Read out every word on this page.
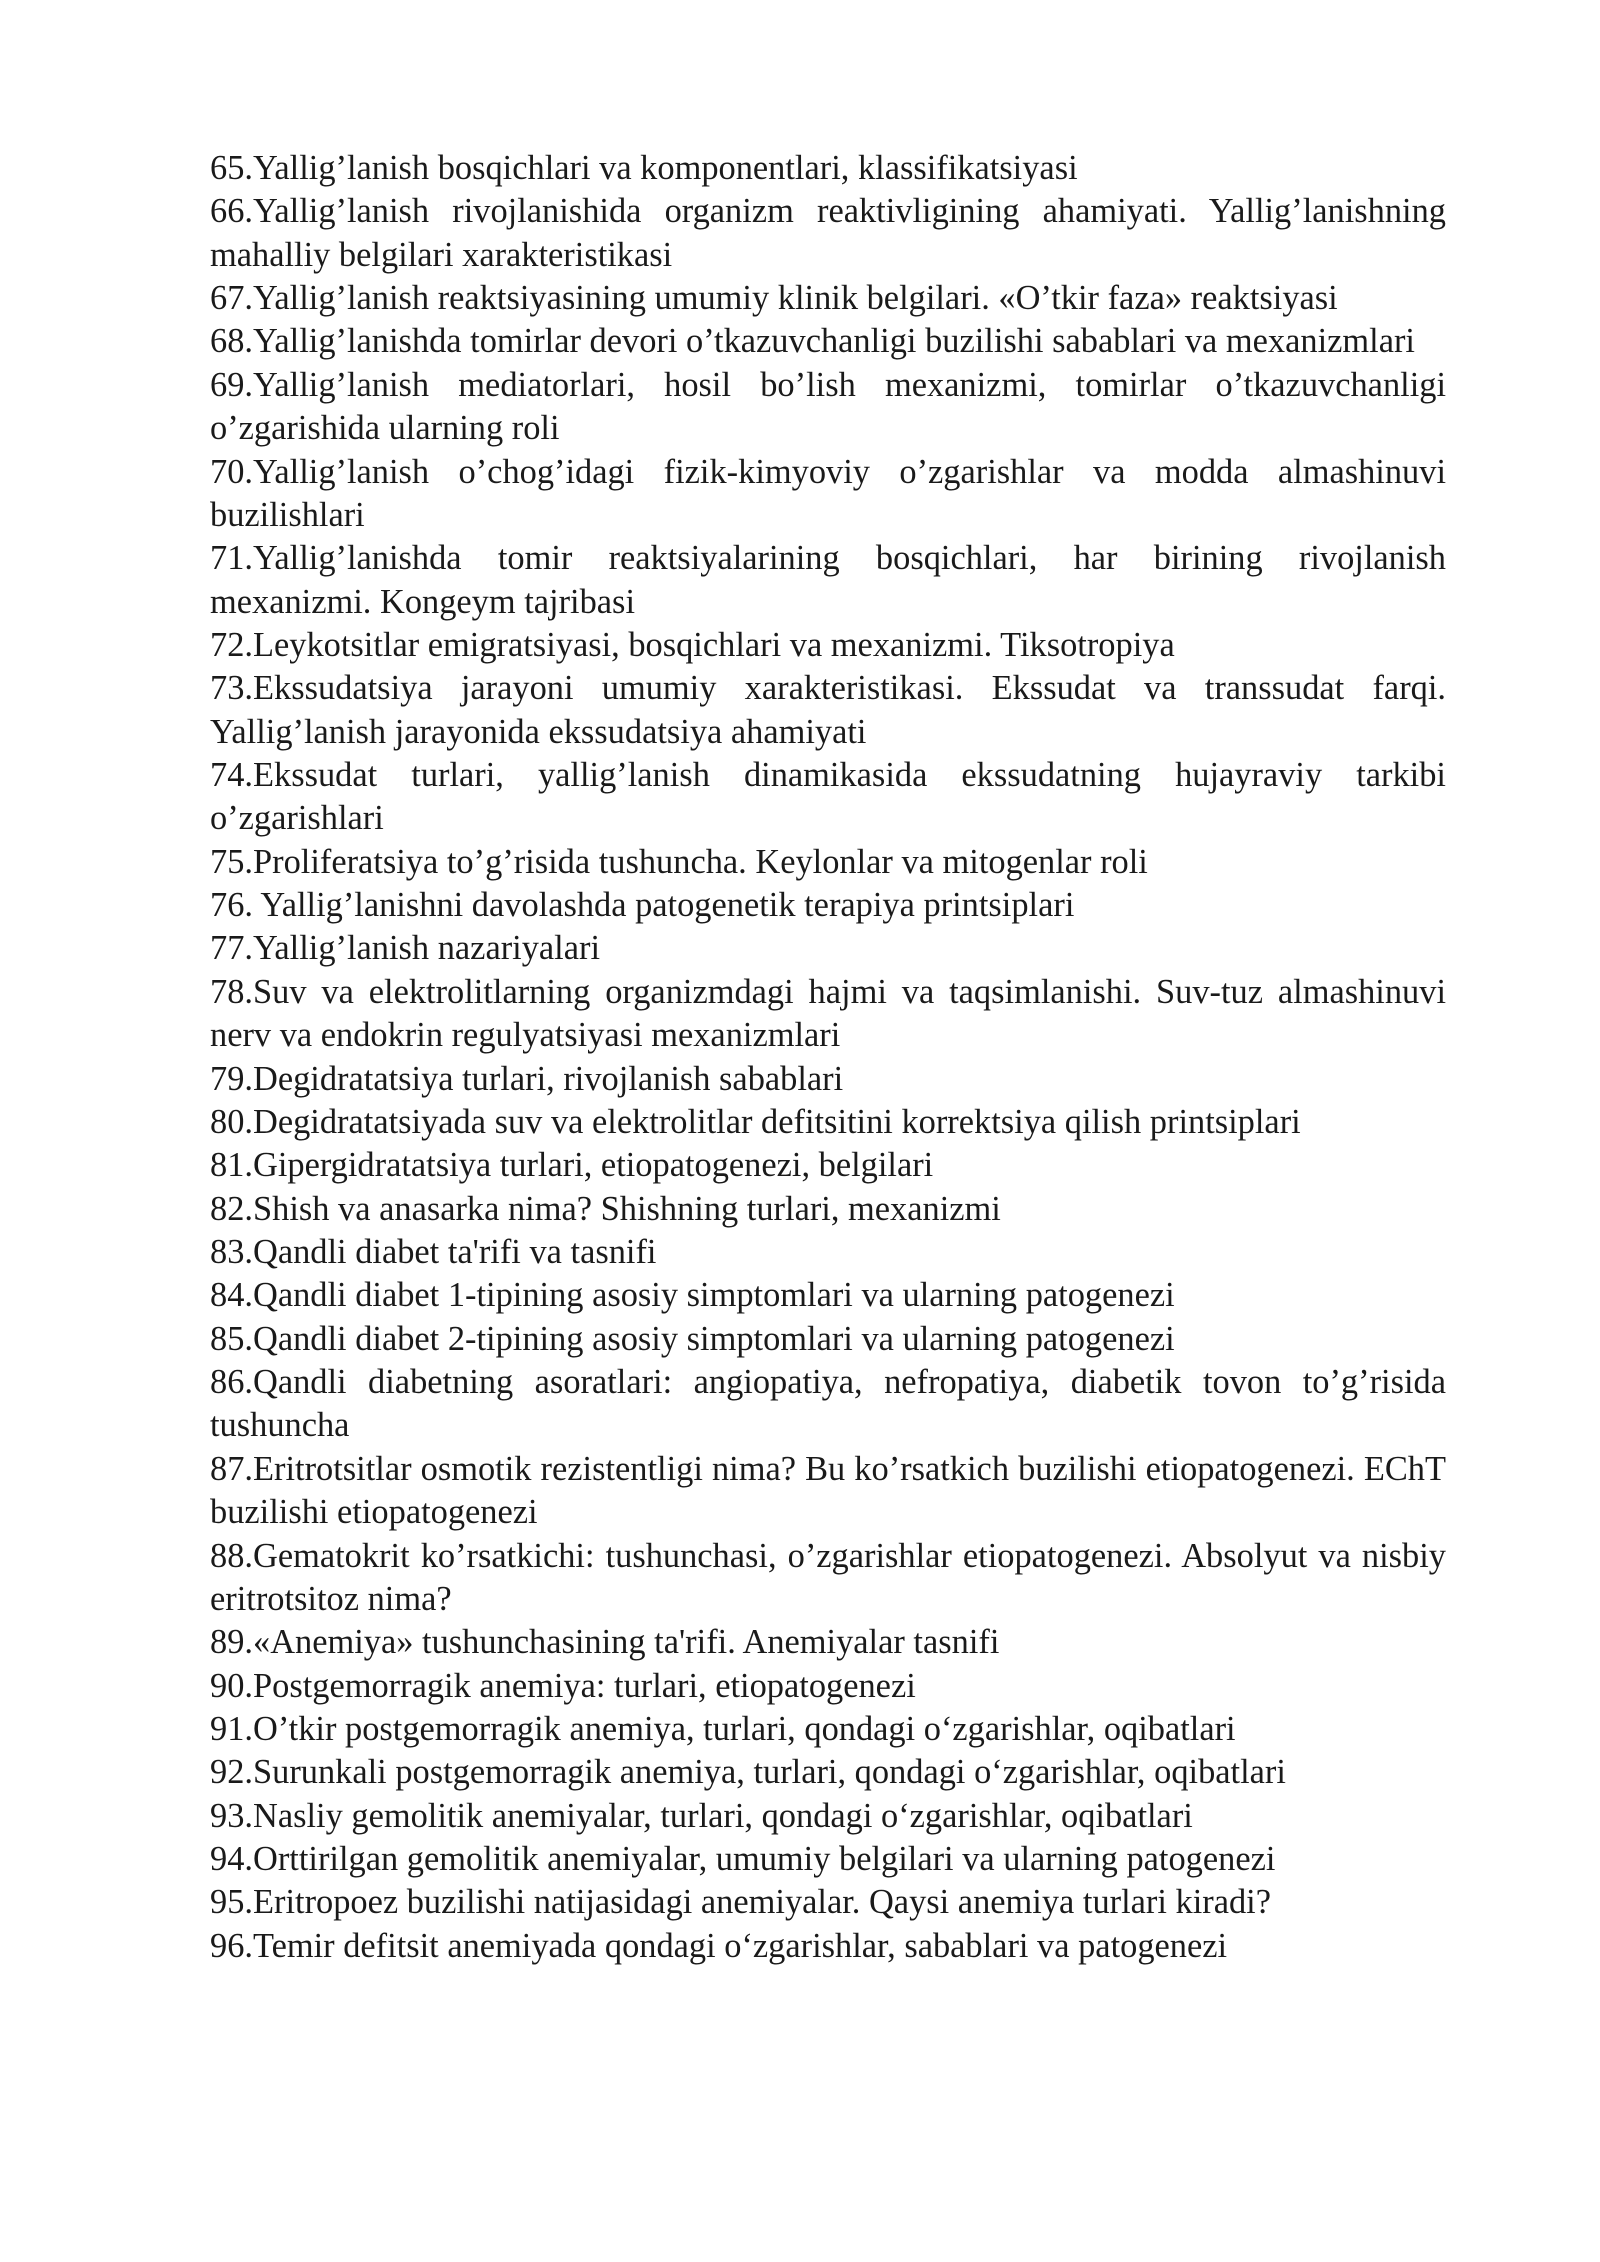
65.Yallig’lanish bosqichlari va komponentlari, klassifikatsiyasi
66.Yallig’lanish rivojlanishida organizm reaktivligining ahamiyati. Yallig’lanishning mahalliy belgilari xarakteristikasi
67.Yallig’lanish reaktsiyasining umumiy klinik belgilari. «O’tkir faza» reaktsiyasi
68.Yallig’lanishda tomirlar devori o’tkazuvchanligi buzilishi sabablari va mexanizmlari
69.Yallig’lanish mediatorlari, hosil bo’lish mexanizmi, tomirlar o’tkazuvchanligi o’zgarishida ularning roli
70.Yallig’lanish o’chog’idagi fizik-kimyoviy o’zgarishlar va modda almashinuvi buzilishlari
71.Yallig’lanishda tomir reaktsiyalarining bosqichlari, har birining rivojlanish mexanizmi. Kongeym tajribasi
72.Leykotsitlar emigratsiyasi, bosqichlari va mexanizmi. Tiksotropiya
73.Ekssudatsiya jarayoni umumiy xarakteristikasi. Ekssudat va transsudat farqi. Yallig’lanish jarayonida ekssudatsiya ahamiyati
74.Ekssudat turlari, yallig’lanish dinamikasida ekssudatning hujayraviy tarkibi o’zgarishlari
75.Proliferatsiya to’g’risida tushuncha. Keylonlar va mitogenlar roli
76. Yallig’lanishni davolashda patogenetik terapiya printsiplari
77.Yallig’lanish nazariyalari
78.Suv va elektrolitlarning organizmdagi hajmi va taqsimlanishi. Suv-tuz almashinuvi nerv va endokrin regulyatsiyasi mexanizmlari
79.Degidratatsiya turlari, rivojlanish sabablari
80.Degidratatsiyada suv va elektrolitlar defitsitini korrektsiya qilish printsiplari
81.Gipergidratatsiya turlari, etiopatogenezi, belgilari
82.Shish va anasarka nima? Shishning turlari, mexanizmi
83.Qandli diabet ta'rifi va tasnifi
84.Qandli diabet 1-tipining asosiy simptomlari va ularning patogenezi
85.Qandli diabet 2-tipining asosiy simptomlari va ularning patogenezi
86.Qandli diabetning asoratlari: angiopatiya, nefropatiya, diabetik tovon to’g’risida tushuncha
87.Eritrotsitlar osmotik rezistentligi nima? Bu ko’rsatkich buzilishi etiopatogenezi. EChT buzilishi etiopatogenezi
88.Gematokrit ko’rsatkichi: tushunchasi, o’zgarishlar etiopatogenezi. Absolyut va nisbiy eritrotsitoz nima?
89.«Anemiya» tushunchasining ta'rifi. Anemiyalar tasnifi
90.Postgemorragik anemiya: turlari, etiopatogenezi
91.O’tkir postgemorragik anemiya, turlari, qondagi o‘zgarishlar, oqibatlari
92.Surunkali postgemorragik anemiya, turlari, qondagi o‘zgarishlar, oqibatlari
93.Nasliy gemolitik anemiyalar, turlari, qondagi o‘zgarishlar, oqibatlari
94.Orttirilgan gemolitik anemiyalar, umumiy belgilari va ularning patogenezi
95.Eritropoez buzilishi natijasidagi anemiyalar. Qaysi anemiya turlari kiradi?
96.Temir defitsit anemiyada qondagi o‘zgarishlar, sabablari va patogenezi
